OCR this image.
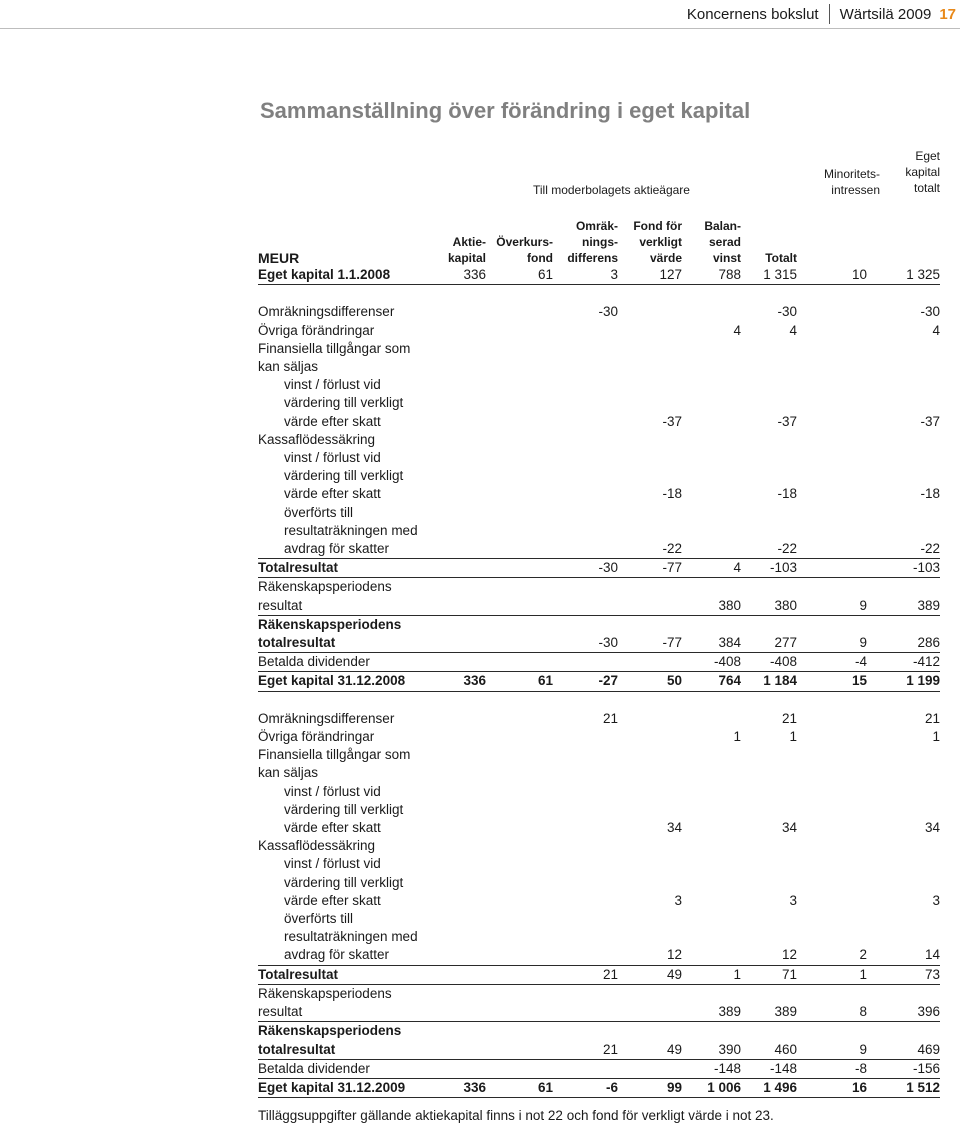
Koncernens bokslut	Wärtsilä 2009 17
Sammanställning över förändring i eget kapital
Till moderbolagets aktieägare
Minoritets-
intressen
Eget
kapital
totalt
			Omräk-	Fond för	Balan-			
	Aktie-	Överkurs-	nings-	verkligt	serad			
MEUR	kapital	fond	differens	värde	vinst	Totalt		
Eget kapital 1.1.2008	336	61	3	127	788	1 315	10	1 325

Omräkningsdifferenser			-30			-30		-30
Övriga förändringar					4	4		4
Finansiella tillgångar som								
kan säljas								
vinst / förlust vid								
värdering till verkligt								
värde efter skatt				-37		-37		-37
Kassaflödessäkring								
vinst / förlust vid								
värdering till verkligt								
värde efter skatt				-18		-18		-18
överförts till								
resultaträkningen med								
avdrag för skatter				-22		-22		-22
Totalresultat			-30	-77	4	-103		-103
Räkenskapsperiodens								
resultat					380	380	9	389
Räkenskapsperiodens								
totalresultat			-30	-77	384	277	9	286
Betalda dividender					-408	-408	-4	-412
Eget kapital 31.12.2008	336	61	-27	50	764	1 184	15	1 199

Omräkningsdifferenser			21			21		21
Övriga förändringar					1	1		1
Finansiella tillgångar som								
kan säljas								
vinst / förlust vid								
värdering till verkligt								
värde efter skatt				34		34		34
Kassaflödessäkring								
vinst / förlust vid								
värdering till verkligt								
värde efter skatt				3		3		3
överförts till								
resultaträkningen med								
avdrag för skatter				12		12	2	14
Totalresultat			21	49	1	71	1	73
Räkenskapsperiodens								
resultat					389	389	8	396
Räkenskapsperiodens								
totalresultat			21	49	390	460	9	469
Betalda dividender					-148	-148	-8	-156
Eget kapital 31.12.2009	336	61	-6	99	1 006	1 496	16	1 512
Tilläggsuppgifter gällande aktiekapital finns i not 22 och fond för verkligt värde i not 23.
